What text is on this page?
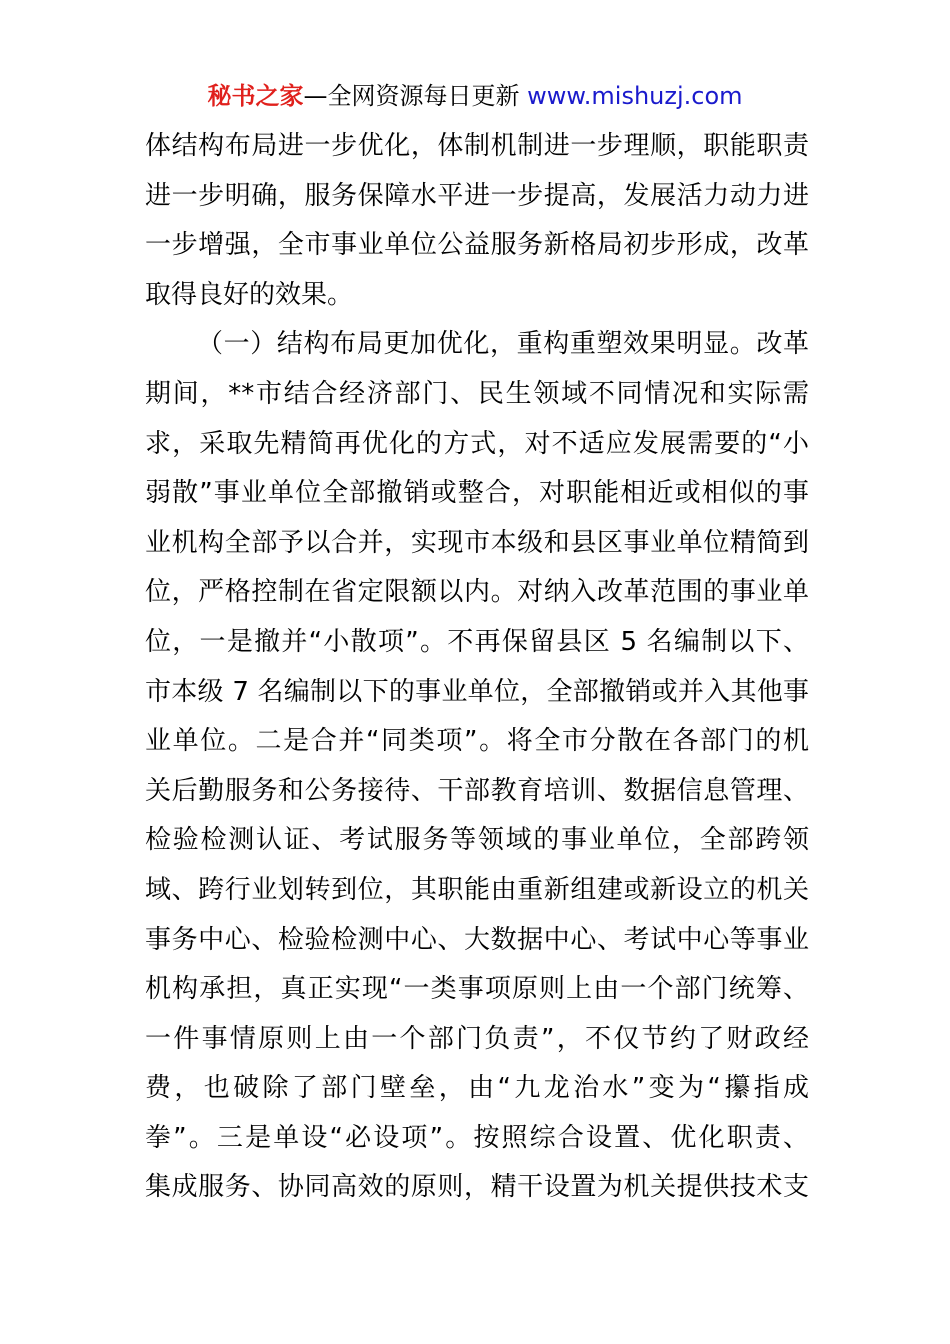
秘书之家—全网资源每日更新 www.mishuzj.com
体结构布局进一步优化，体制机制进一步理顺，职能职责
进一步明确，服务保障水平进一步提高，发展活力动力进
一步增强，全市事业单位公益服务新格局初步形成，改革
取得良好的效果。
（一）结构布局更加优化，重构重塑效果明显。改革
期间，**市结合经济部门、民生领域不同情况和实际需
求，采取先精简再优化的方式，对不适应发展需要的“小
弱散”事业单位全部撤销或整合，对职能相近或相似的事
业机构全部予以合并，实现市本级和县区事业单位精简到
位，严格控制在省定限额以内。对纳入改革范围的事业单
位，一是撤并“小散项”。不再保留县区 5 名编制以下、
市本级 7 名编制以下的事业单位，全部撤销或并入其他事
业单位。二是合并“同类项”。将全市分散在各部门的机
关后勤服务和公务接待、干部教育培训、数据信息管理、
检验检测认证、考试服务等领域的事业单位，全部跨领
域、跨行业划转到位，其职能由重新组建或新设立的机关
事务中心、检验检测中心、大数据中心、考试中心等事业
机构承担，真正实现“一类事项原则上由一个部门统筹、
一件事情原则上由一个部门负责”，不仅节约了财政经
费，也破除了部门壁垒，由“九龙治水”变为“攥指成
拳”。三是单设“必设项”。按照综合设置、优化职责、
集成服务、协同高效的原则，精干设置为机关提供技术支
